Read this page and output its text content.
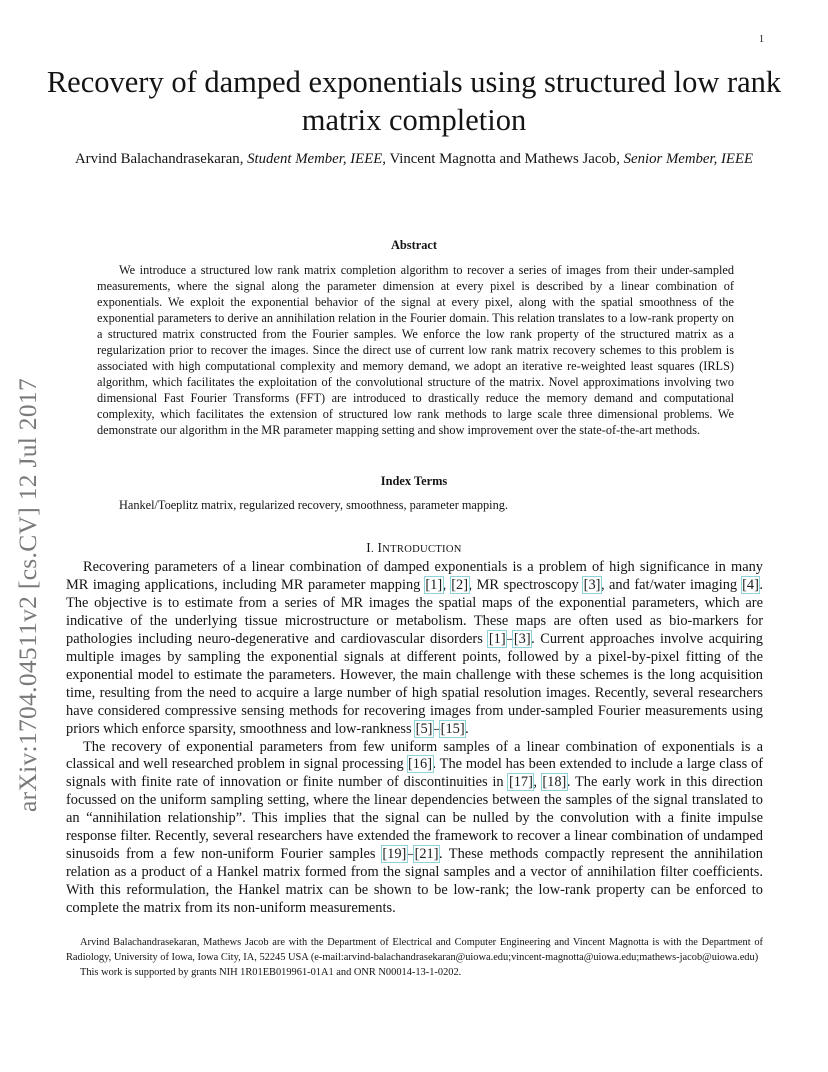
1
arXiv:1704.04511v2 [cs.CV] 12 Jul 2017
Recovery of damped exponentials using structured low rank matrix completion
Arvind Balachandrasekaran, Student Member, IEEE, Vincent Magnotta and Mathews Jacob, Senior Member, IEEE
Abstract
We introduce a structured low rank matrix completion algorithm to recover a series of images from their under-sampled measurements, where the signal along the parameter dimension at every pixel is described by a linear combination of exponentials. We exploit the exponential behavior of the signal at every pixel, along with the spatial smoothness of the exponential parameters to derive an annihilation relation in the Fourier domain. This relation translates to a low-rank property on a structured matrix constructed from the Fourier samples. We enforce the low rank property of the structured matrix as a regularization prior to recover the images. Since the direct use of current low rank matrix recovery schemes to this problem is associated with high computational complexity and memory demand, we adopt an iterative re-weighted least squares (IRLS) algorithm, which facilitates the exploitation of the convolutional structure of the matrix. Novel approximations involving two dimensional Fast Fourier Transforms (FFT) are introduced to drastically reduce the memory demand and computational complexity, which facilitates the extension of structured low rank methods to large scale three dimensional problems. We demonstrate our algorithm in the MR parameter mapping setting and show improvement over the state-of-the-art methods.
Index Terms
Hankel/Toeplitz matrix, regularized recovery, smoothness, parameter mapping.
I. INTRODUCTION

Recovering parameters of a linear combination of damped exponentials is a problem of high significance in many MR imaging applications, including MR parameter mapping [1], [2], MR spectroscopy [3], and fat/water imaging [4]. The objective is to estimate from a series of MR images the spatial maps of the exponential parameters, which are indicative of the underlying tissue microstructure or metabolism. These maps are often used as bio-markers for pathologies including neuro-degenerative and cardiovascular disorders [1]–[3]. Current approaches involve acquiring multiple images by sampling the exponential signals at different points, followed by a pixel-by-pixel fitting of the exponential model to estimate the parameters. However, the main challenge with these schemes is the long acquisition time, resulting from the need to acquire a large number of high spatial resolution images. Recently, several researchers have considered compressive sensing methods for recovering images from under-sampled Fourier measurements using priors which enforce sparsity, smoothness and low-rankness [5]–[15].

The recovery of exponential parameters from few uniform samples of a linear combination of exponentials is a classical and well researched problem in signal processing [16]. The model has been extended to include a large class of signals with finite rate of innovation or finite number of discontinuities in [17], [18]. The early work in this direction focussed on the uniform sampling setting, where the linear dependencies between the samples of the signal translated to an “annihilation relationship”. This implies that the signal can be nulled by the convolution with a finite impulse response filter. Recently, several researchers have extended the framework to recover a linear combination of undamped sinusoids from a few non-uniform Fourier samples [19]–[21]. These methods compactly represent the annihilation relation as a product of a Hankel matrix formed from the signal samples and a vector of annihilation filter coefficients. With this reformulation, the Hankel matrix can be shown to be low-rank; the low-rank property can be enforced to complete the matrix from its non-uniform measurements.

Arvind Balachandrasekaran, Mathews Jacob are with the Department of Electrical and Computer Engineering and Vincent Magnotta is with the Department of Radiology, University of Iowa, Iowa City, IA, 52245 USA (e-mail:arvind-balachandrasekaran@uiowa.edu;vincent-magnotta@uiowa.edu;mathews-jacob@uiowa.edu)

This work is supported by grants NIH 1R01EB019961-01A1 and ONR N00014-13-1-0202.
